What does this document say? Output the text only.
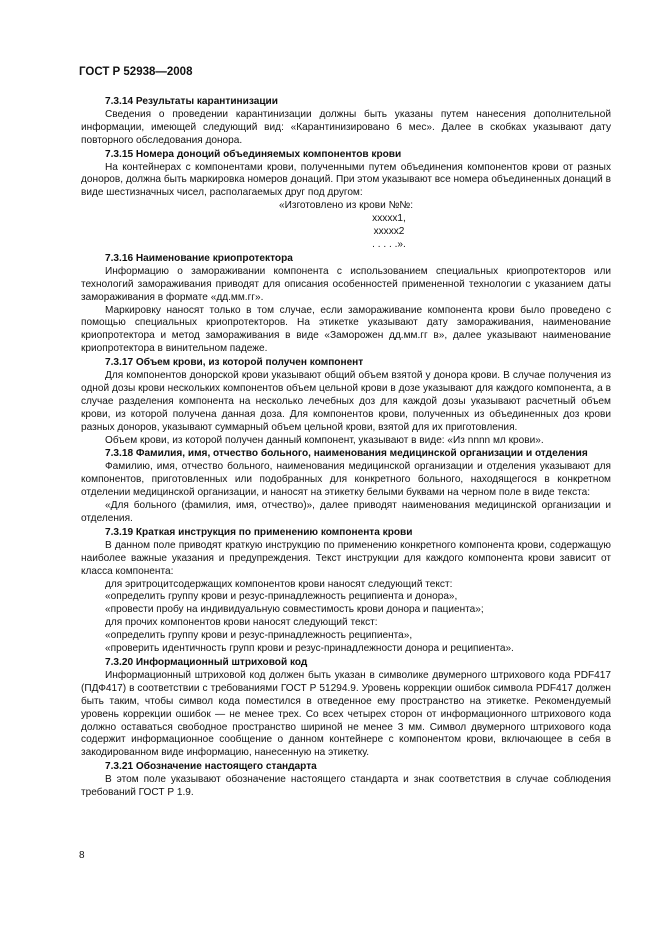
ГОСТ Р 52938—2008
7.3.14 Результаты карантинизации

Сведения о проведении карантинизации должны быть указаны путем нанесения дополнительной информации, имеющей следующий вид: «Карантинизировано 6 мес». Далее в скобках указывают дату повторного обследования донора.

7.3.15 Номера доноций объединяемых компонентов крови

На контейнерах с компонентами крови, полученными путем объединения компонентов крови от разных доноров, должна быть маркировка номеров донаций. При этом указывают все номера объединенных донаций в виде шестизначных чисел, располагаемых друг под другом:

«Изготовлено из крови №№:

xxxxx1,

xxxxx2

. . . . .».

7.3.16 Наименование криопротектора

Информацию о замораживании компонента с использованием специальных криопротекторов или технологий замораживания приводят для описания особенностей примененной технологии с указанием даты замораживания в формате «дд.мм.гг».

Маркировку наносят только в том случае, если замораживание компонента крови было проведено с помощью специальных криопротекторов. На этикетке указывают дату замораживания, наименование криопротектора и метод замораживания в виде «Заморожен дд.мм.гг в», далее указывают наименование криопротектора в винительном падеже.

7.3.17 Объем крови, из которой получен компонент

Для компонентов донорской крови указывают общий объем взятой у донора крови. В случае получения из одной дозы крови нескольких компонентов объем цельной крови в дозе указывают для каждого компонента, а в случае разделения компонента на несколько лечебных доз для каждой дозы указывают расчетный объем крови, из которой получена данная доза. Для компонентов крови, полученных из объединенных доз крови разных доноров, указывают суммарный объем цельной крови, взятой для их приготовления.

Объем крови, из которой получен данный компонент, указывают в виде: «Из nnnn мл крови».

7.3.18 Фамилия, имя, отчество больного, наименования медицинской организации и отделения

Фамилию, имя, отчество больного, наименования медицинской организации и отделения указывают для компонентов, приготовленных или подобранных для конкретного больного, находящегося в конкретном отделении медицинской организации, и наносят на этикетку белыми буквами на черном поле в виде текста:

«Для больного (фамилия, имя, отчество)», далее приводят наименования медицинской организации и отделения.

7.3.19 Краткая инструкция по применению компонента крови

В данном поле приводят краткую инструкцию по применению конкретного компонента крови, содержащую наиболее важные указания и предупреждения. Текст инструкции для каждого компонента крови зависит от класса компонента:

для эритроцитсодержащих компонентов крови наносят следующий текст:

«определить группу крови и резус-принадлежность реципиента и донора»,

«провести пробу на индивидуальную совместимость крови донора и пациента»;

для прочих компонентов крови наносят следующий текст:

«определить группу крови и резус-принадлежность реципиента»,

«проверить идентичность групп крови и резус-принадлежности донора и реципиента».

7.3.20 Информационный штриховой код

Информационный штриховой код должен быть указан в символике двумерного штрихового кода PDF417 (ПДФ417) в соответствии с требованиями ГОСТ Р 51294.9. Уровень коррекции ошибок символа PDF417 должен быть таким, чтобы символ кода поместился в отведенное ему пространство на этикетке. Рекомендуемый уровень коррекции ошибок — не менее трех. Со всех четырех сторон от информационного штрихового кода должно оставаться свободное пространство шириной не менее 3 мм. Символ двумерного штрихового кода содержит информационное сообщение о данном контейнере с компонентом крови, включающее в себя в закодированном виде информацию, нанесенную на этикетку.

7.3.21 Обозначение настоящего стандарта

В этом поле указывают обозначение настоящего стандарта и знак соответствия в случае соблюдения требований ГОСТ Р 1.9.

8
